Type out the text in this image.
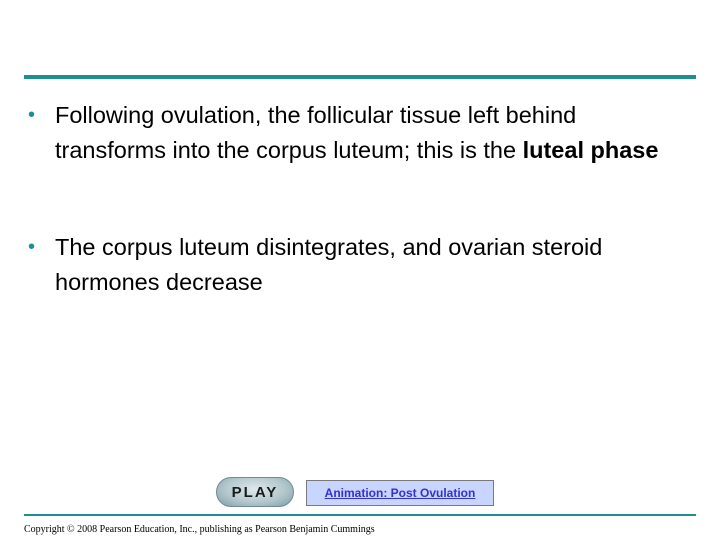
• Following ovulation, the follicular tissue left behind transforms into the corpus luteum; this is the luteal phase
• The corpus luteum disintegrates, and ovarian steroid hormones decrease
PLAY	Animation: Post Ovulation
Copyright © 2008 Pearson Education, Inc., publishing as Pearson Benjamin Cummings
